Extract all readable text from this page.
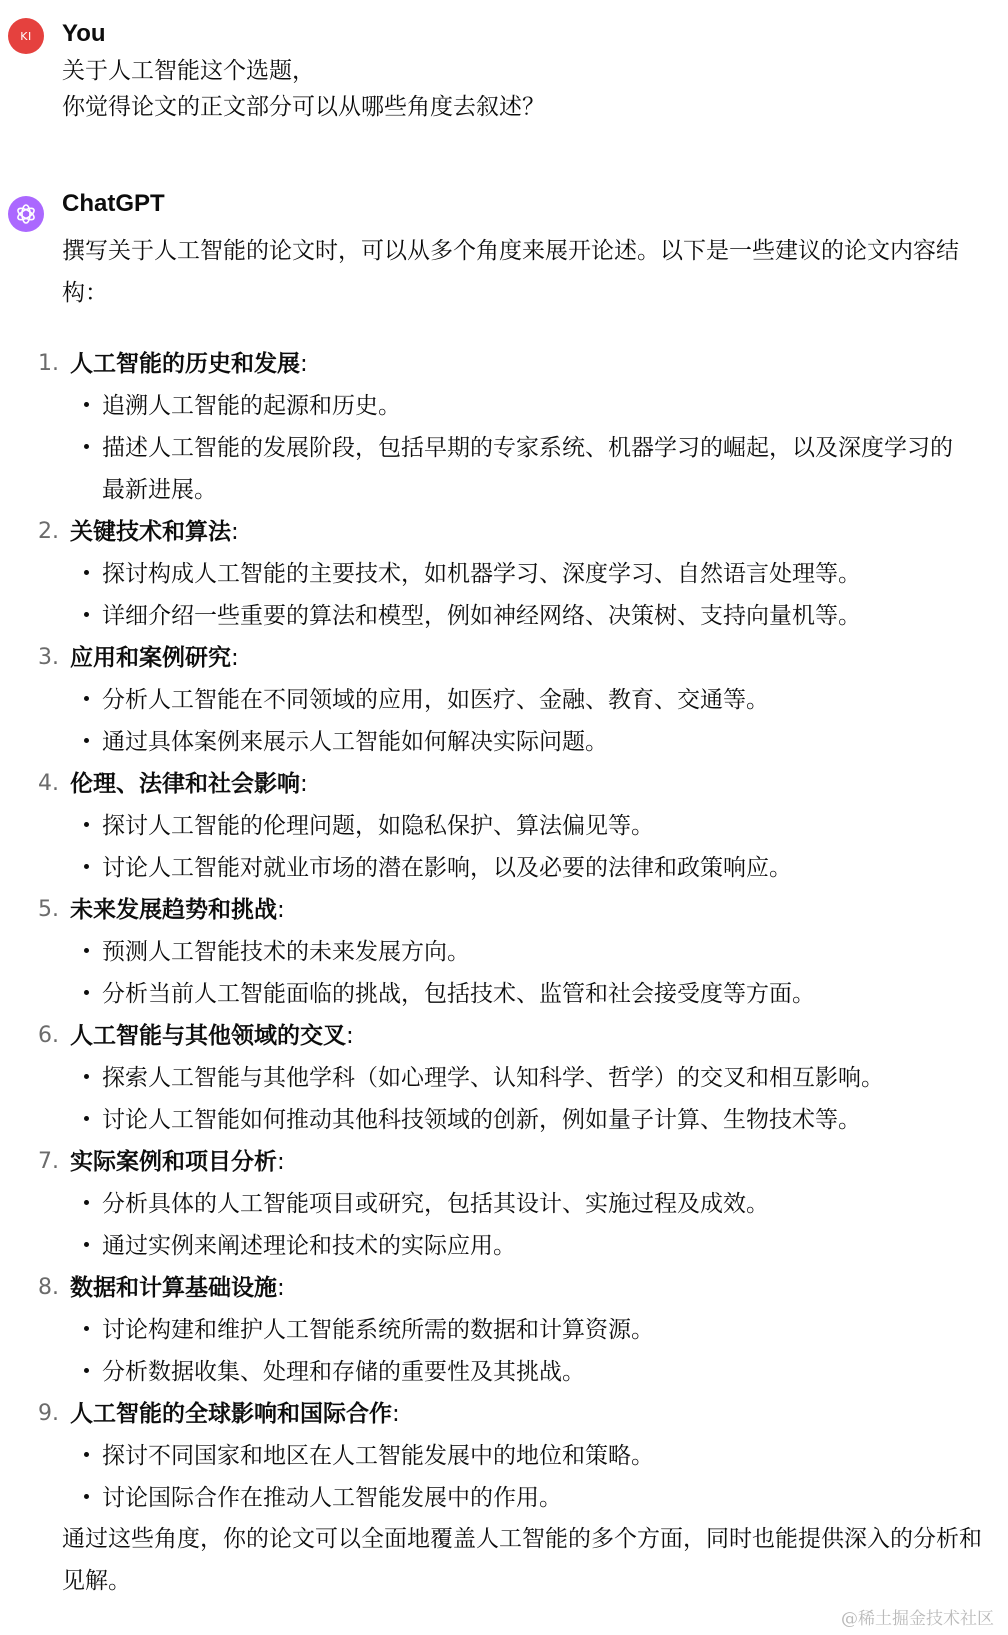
KI You
关于人工智能这个选题，
你觉得论文的正文部分可以从哪些角度去叙述？
ChatGPT
撰写关于人工智能的论文时，可以从多个角度来展开论述。以下是一些建议的论文内容结构：
1. 人工智能的历史和发展:
追溯人工智能的起源和历史。
描述人工智能的发展阶段，包括早期的专家系统、机器学习的崛起，以及深度学习的最新进展。
2. 关键技术和算法:
探讨构成人工智能的主要技术，如机器学习、深度学习、自然语言处理等。
详细介绍一些重要的算法和模型，例如神经网络、决策树、支持向量机等。
3. 应用和案例研究:
分析人工智能在不同领域的应用，如医疗、金融、教育、交通等。
通过具体案例来展示人工智能如何解决实际问题。
4. 伦理、法律和社会影响:
探讨人工智能的伦理问题，如隐私保护、算法偏见等。
讨论人工智能对就业市场的潜在影响，以及必要的法律和政策响应。
5. 未来发展趋势和挑战:
预测人工智能技术的未来发展方向。
分析当前人工智能面临的挑战，包括技术、监管和社会接受度等方面。
6. 人工智能与其他领域的交叉:
探索人工智能与其他学科（如心理学、认知科学、哲学）的交叉和相互影响。
讨论人工智能如何推动其他科技领域的创新，例如量子计算、生物技术等。
7. 实际案例和项目分析:
分析具体的人工智能项目或研究，包括其设计、实施过程及成效。
通过实例来阐述理论和技术的实际应用。
8. 数据和计算基础设施:
讨论构建和维护人工智能系统所需的数据和计算资源。
分析数据收集、处理和存储的重要性及其挑战。
9. 人工智能的全球影响和国际合作:
探讨不同国家和地区在人工智能发展中的地位和策略。
讨论国际合作在推动人工智能发展中的作用。
通过这些角度，你的论文可以全面地覆盖人工智能的多个方面，同时也能提供深入的分析和见解。
@稀土掘金技术社区
